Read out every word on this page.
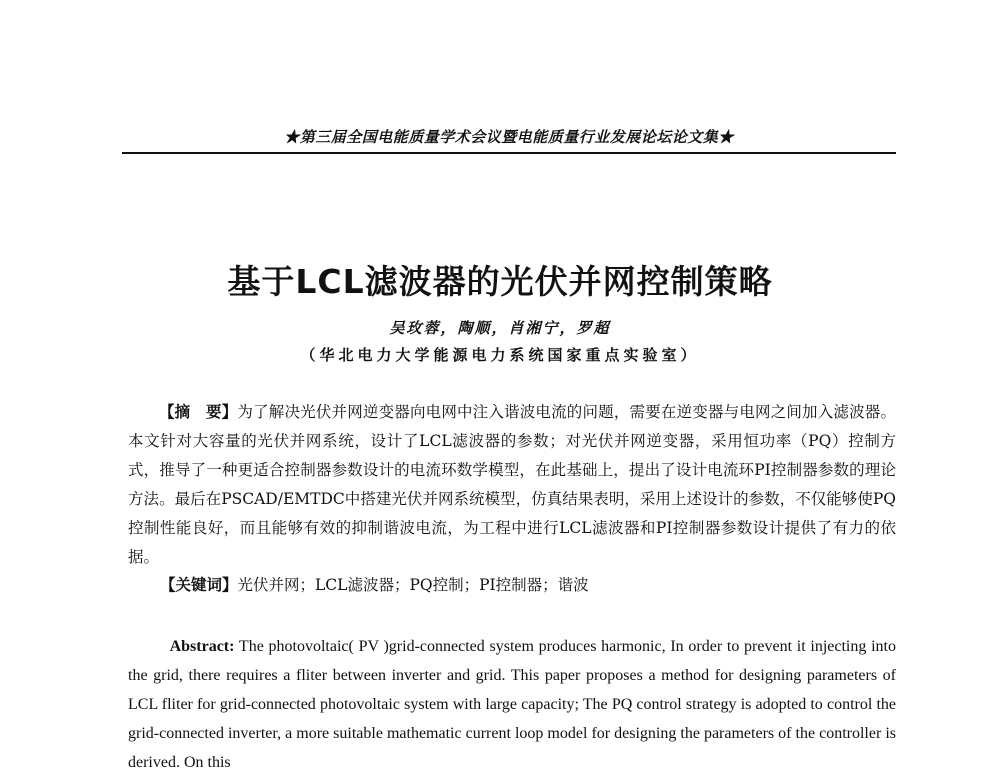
★第三届全国电能质量学术会议暨电能质量行业发展论坛论文集★
基于LCL滤波器的光伏并网控制策略
吴玫蓉，陶顺，肖湘宁，罗超
（华北电力大学能源电力系统国家重点实验室）
【摘　要】为了解决光伏并网逆变器向电网中注入谐波电流的问题，需要在逆变器与电网之间加入滤波器。本文针对大容量的光伏并网系统，设计了LCL滤波器的参数；对光伏并网逆变器，采用恒功率（PQ）控制方式，推导了一种更适合控制器参数设计的电流环数学模型，在此基础上，提出了设计电流环PI控制器参数的理论方法。最后在PSCAD/EMTDC中搭建光伏并网系统模型，仿真结果表明，采用上述设计的参数，不仅能够使PQ控制性能良好，而且能够有效的抑制谐波电流，为工程中进行LCL滤波器和PI控制器参数设计提供了有力的依据。
【关键词】光伏并网；LCL滤波器；PQ控制；PI控制器；谐波
Abstract: The photovoltaic( PV )grid-connected system produces harmonic, In order to prevent it injecting into the grid, there requires a fliter between inverter and grid. This paper proposes a method for designing parameters of LCL fliter for grid-connected photovoltaic system with large capacity; The PQ control strategy is adopted to control the grid-connected inverter, a more suitable mathematic current loop model for designing the parameters of the controller is derived. On this
